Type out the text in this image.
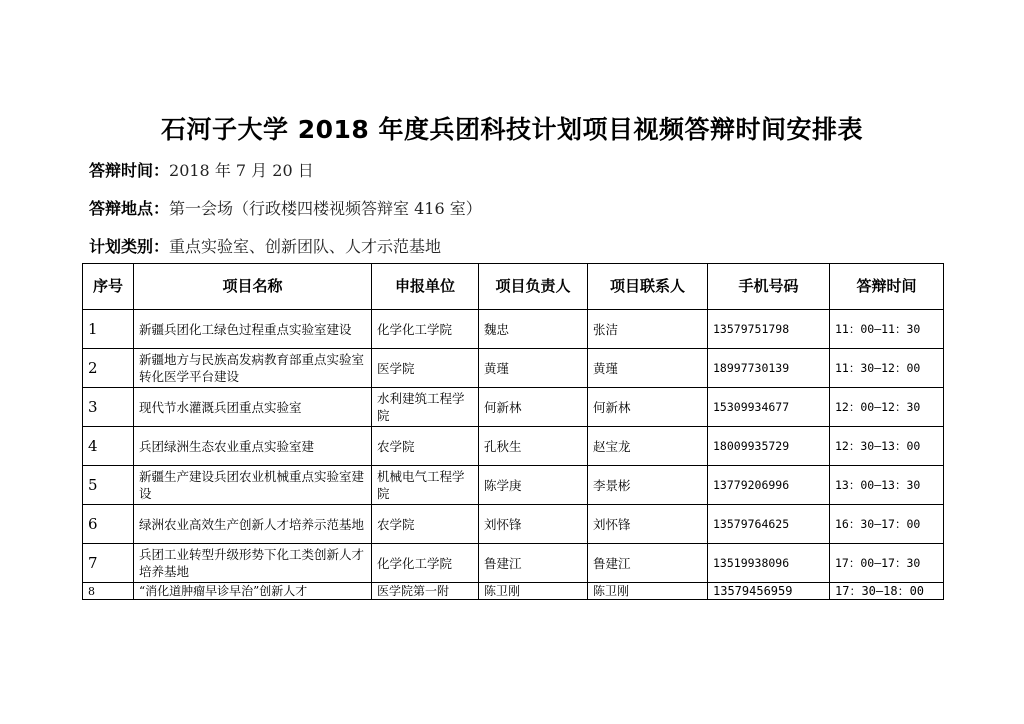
石河子大学 2018 年度兵团科技计划项目视频答辩时间安排表
答辩时间：2018 年 7 月 20 日
答辩地点：第一会场（行政楼四楼视频答辩室 416 室）
计划类别：重点实验室、创新团队、人才示范基地
序号	项目名称	申报单位	项目负责人	项目联系人	手机号码	答辩时间
1	新疆兵团化工绿色过程重点实验室建设	化学化工学院	魏忠	张洁	13579751798	11：00–11：30
2	新疆地方与民族高发病教育部重点实验室转化医学平台建设	医学院	黄瑾	黄瑾	18997730139	11：30–12：00
3	现代节水灌溉兵团重点实验室	水利建筑工程学院	何新林	何新林	15309934677	12：00–12：30
4	兵团绿洲生态农业重点实验室建	农学院	孔秋生	赵宝龙	18009935729	12：30–13：00
5	新疆生产建设兵团农业机械重点实验室建设	机械电气工程学院	陈学庚	李景彬	13779206996	13：00–13：30
6	绿洲农业高效生产创新人才培养示范基地	农学院	刘怀锋	刘怀锋	13579764625	16：30–17：00
7	兵团工业转型升级形势下化工类创新人才培养基地	化学化工学院	鲁建江	鲁建江	13519938096	17：00–17：30
8	“消化道肿瘤早诊早治”创新人才	医学院第一附	陈卫刚	陈卫刚	13579456959	17：30–18：00
